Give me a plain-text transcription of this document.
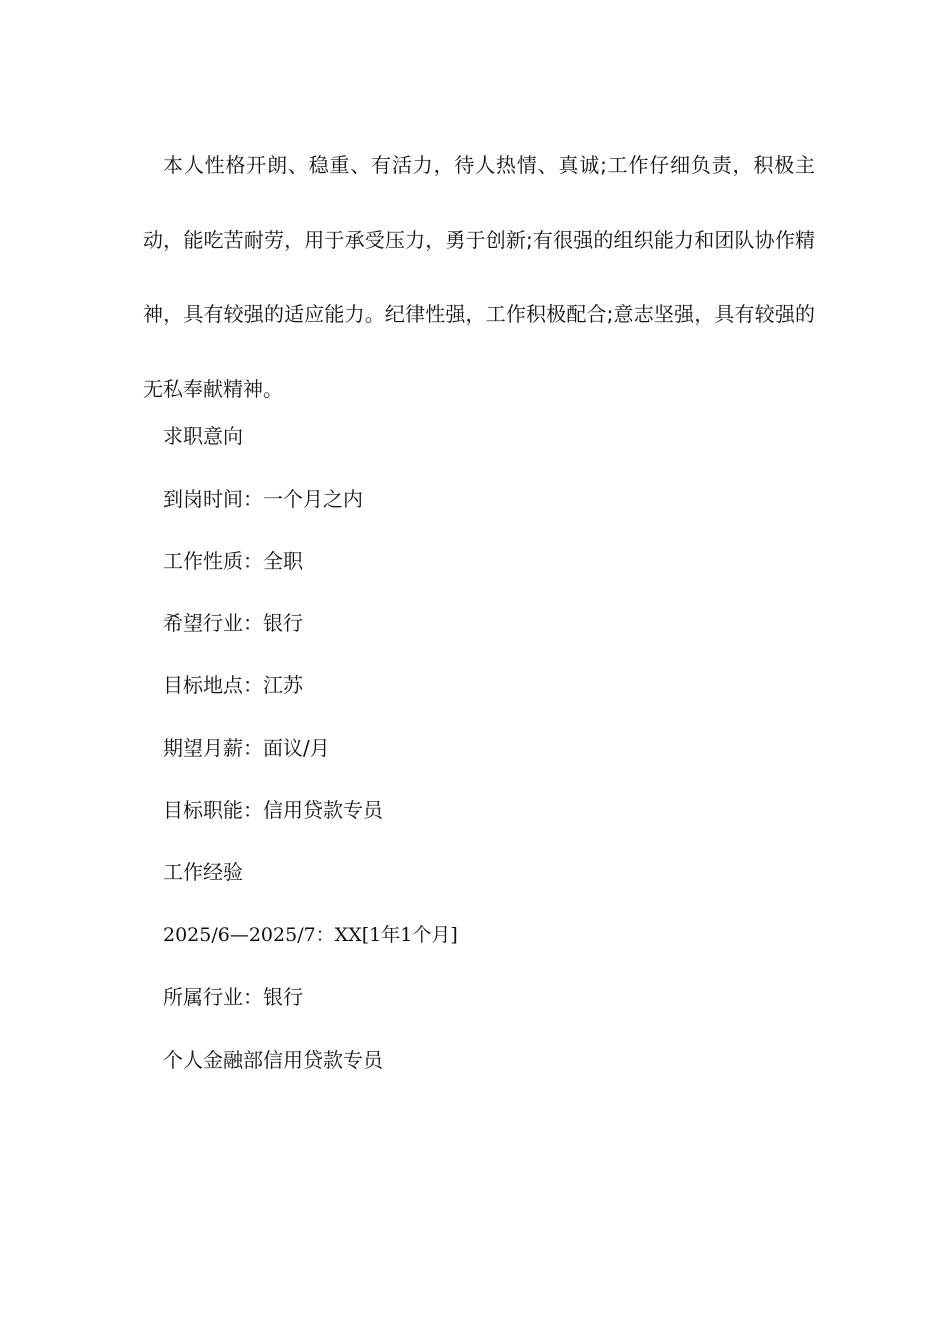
本人性格开朗、稳重、有活力，待人热情、真诚;工作仔细负责，积极主动，能吃苦耐劳，用于承受压力，勇于创新;有很强的组织能力和团队协作精神，具有较强的适应能力。纪律性强，工作积极配合;意志坚强，具有较强的无私奉献精神。

求职意向
到岗时间：一个月之内
工作性质：全职
希望行业：银行
目标地点：江苏
期望月薪：面议/月
目标职能：信用贷款专员
工作经验
2025/6—2025/7：XX[1年1个月]
所属行业：银行
个人金融部信用贷款专员
